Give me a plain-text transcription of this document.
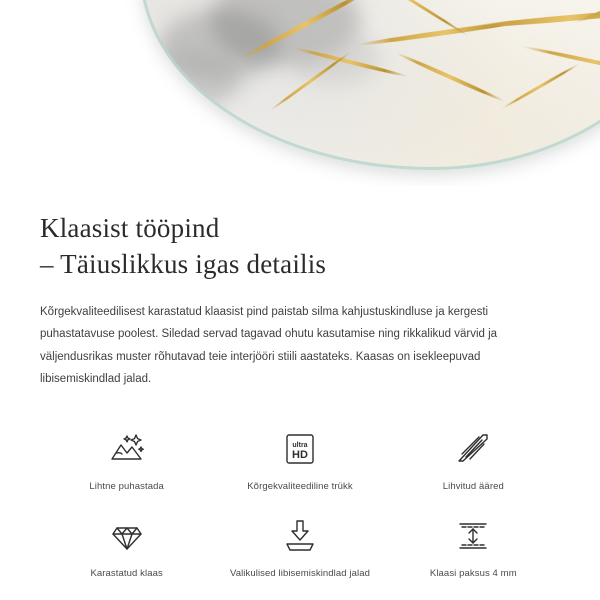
Klaasist tööpind
– Täiuslikkus igas detailis

Kõrgekvaliteedilisest karastatud klaasist pind paistab silma kahjustuskindluse ja kergesti puhastatavuse poolest. Siledad servad tagavad ohutu kasutamise ning rikkalikud värvid ja väljendusrikas muster rõhutavad teie interjööri stiili aastateks. Kaasas on isekleepuvad libisemiskindlad jalad.

Lihtne puhastada
ultra
HD
Kõrgekvaliteediline trükk	Lihvitud ääred
Karastatud klaas	Valikulised libisemiskindlad jalad	Klaasi paksus 4 mm
